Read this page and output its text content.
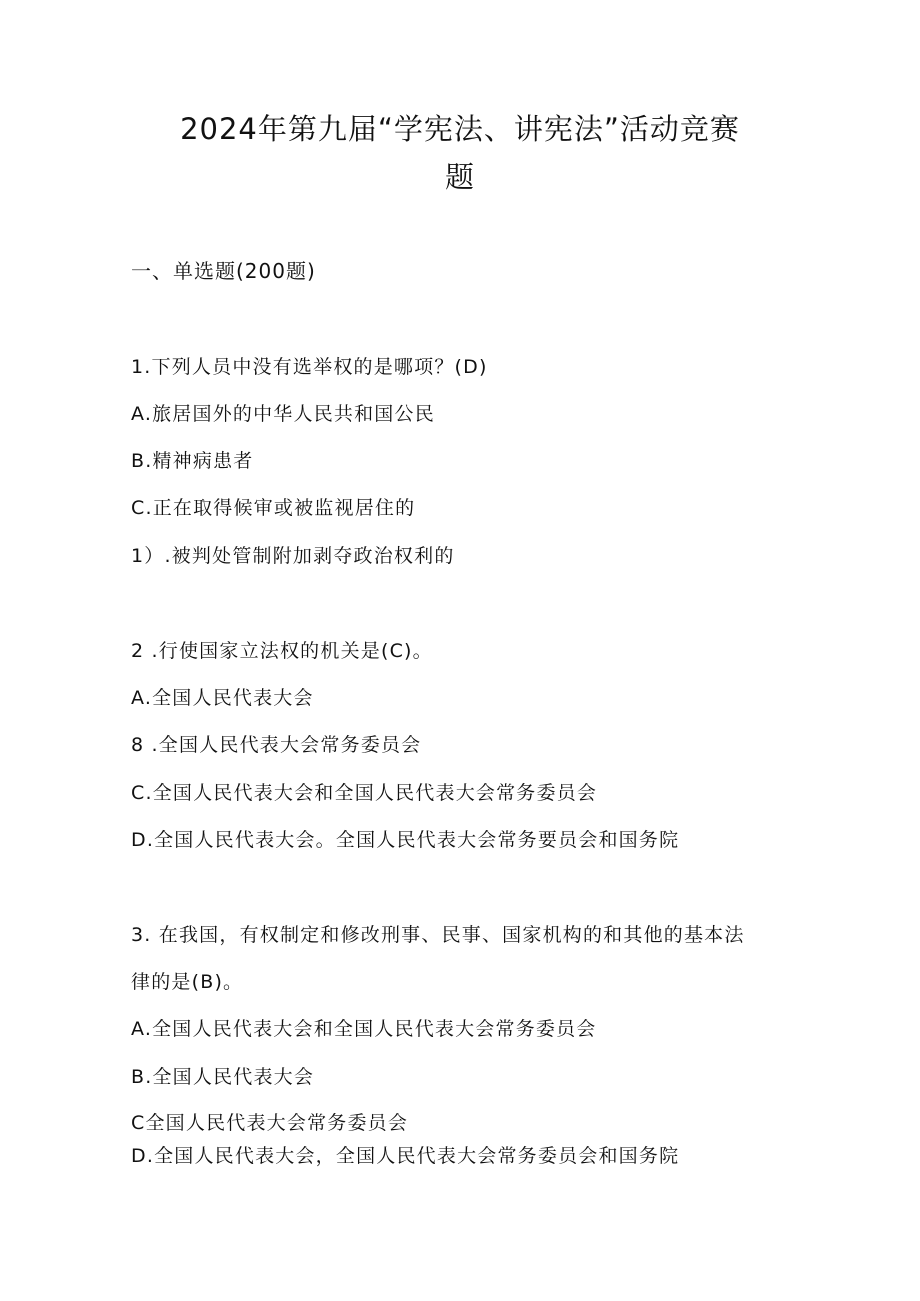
2024年第九届“学宪法、讲宪法”活动竞赛
题
一、单选题(200题)
1.下列人员中没有选举权的是哪项？(D)
A.旅居国外的中华人民共和国公民
B.精神病患者
C.正在取得候审或被监视居住的
1）.被判处管制附加剥夺政治权利的
2 .行使国家立法权的机关是(C)。
A.全国人民代表大会
8 .全国人民代表大会常务委员会
C.全国人民代表大会和全国人民代表大会常务委员会
D.全国人民代表大会。全国人民代表大会常务要员会和国务院
3. 在我国，有权制定和修改刑事、民事、国家机构的和其他的基本法
律的是(B)。
A.全国人民代表大会和全国人民代表大会常务委员会
B.全国人民代表大会
C全国人民代表大会常务委员会
D.全国人民代表大会，全国人民代表大会常务委员会和国务院
